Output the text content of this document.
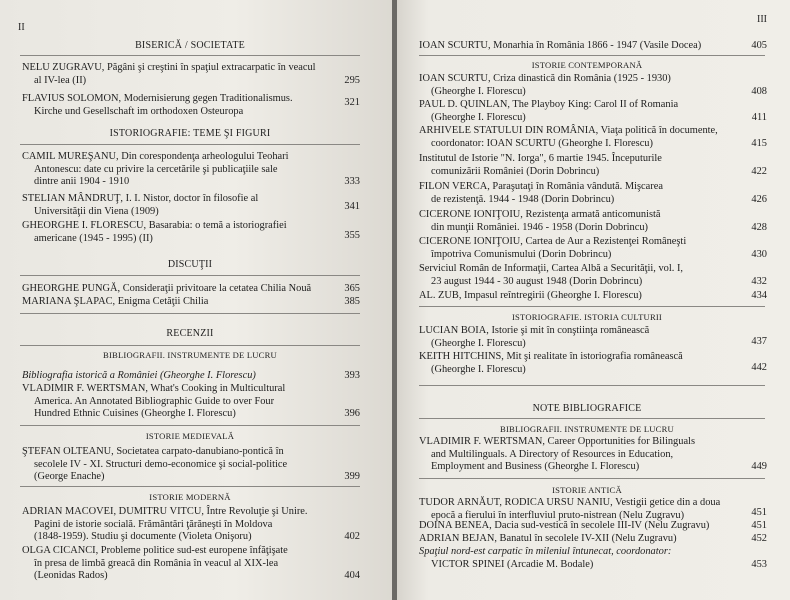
II
BISERICĂ / SOCIETATE
NELU ZUGRAVU, Păgâni şi creştini în spaţiul extracarpatic în veacul
al IV-lea (II)	295
FLAVIUS SOLOMON, Modernisierung gegen Traditionalismus.
Kirche und Gesellschaft im orthodoxen Osteuropa
321
ISTORIOGRAFIE: TEME ŞI FIGURI
CAMIL MUREŞANU, Din corespondenţa arheologului Teohari
Antonescu: date cu privire la cercetările şi publicaţiile sale
dintre anii 1904 - 1910	333
STELIAN MÂNDRUŢ, I. I. Nistor, doctor în filosofie al
Universităţii din Viena (1909)	341
GHEORGHE I. FLORESCU, Basarabia: o temă a istoriografiei
americane (1945 - 1995) (II)	355
DISCUŢII
GHEORGHE PUNGĂ, Consideraţii privitoare la cetatea Chilia Nouă	365
MARIANA ŞLAPAC, Enigma Cetăţii Chilia	385
RECENZII
BIBLIOGRAFII. INSTRUMENTE DE LUCRU
Bibliografia istorică a României (Gheorghe I. Florescu)	393
VLADIMIR F. WERTSMAN, What's Cooking in Multicultural
America. An Annotated Bibliographic Guide to over Four
Hundred Ethnic Cuisines (Gheorghe I. Florescu)	396
ISTORIE MEDIEVALĂ
ŞTEFAN OLTEANU, Societatea carpato-danubiano-pontică în
secolele IV - XI. Structuri demo-economice şi social-politice
(George Enache)	399
ISTORIE MODERNĂ
ADRIAN MACOVEI, DUMITRU VITCU, Între Revoluţie şi Unire.
Pagini de istorie socială. Frământări ţărăneşti în Moldova
(1848-1959). Studiu şi documente (Violeta Onişoru)	402
OLGA CICANCI, Probleme politice sud-est europene înfăţişate
în presa de limbă greacă din România în veacul al XIX-lea
(Leonidas Rados)	404
III
IOAN SCURTU, Monarhia în România 1866 - 1947 (Vasile Docea)	405
ISTORIE CONTEMPORANĂ
IOAN SCURTU, Criza dinastică din România (1925 - 1930)
(Gheorghe I. Florescu)	408
PAUL D. QUINLAN, The Playboy King: Carol II of Romania
(Gheorghe I. Florescu)	411
ARHIVELE STATULUI DIN ROMÂNIA, Viaţa politică în documente,
coordonator: IOAN SCURTU (Gheorghe I. Florescu)	415
Institutul de Istorie "N. Iorga", 6 martie 1945. Începuturile
comunizării României (Dorin Dobrincu)	422
FILON VERCA, Paraşutaţi în România vândută. Mişcarea
de rezistenţă. 1944 - 1948 (Dorin Dobrincu)	426
CICERONE IONIŢOIU, Rezistenţa armată anticomunistă
din munţii României. 1946 - 1958 (Dorin Dobrincu)	428
CICERONE IONIŢOIU, Cartea de Aur a Rezistenţei Româneşti
împotriva Comunismului (Dorin Dobrincu)	430
Serviciul Român de Informaţii, Cartea Albă a Securităţii, vol. I,
23 august 1944 - 30 august 1948 (Dorin Dobrincu)	432
AL. ZUB, Impasul reîntregirii (Gheorghe I. Florescu)	434
ISTORIOGRAFIE. ISTORIA CULTURII
LUCIAN BOIA, Istorie şi mit în conştiinţa românească
(Gheorghe I. Florescu)	437
KEITH HITCHINS, Mit şi realitate în istoriografia românească
(Gheorghe I. Florescu)	442
NOTE BIBLIOGRAFICE
BIBLIOGRAFII. INSTRUMENTE DE LUCRU
VLADIMIR F. WERTSMAN, Career Opportunities for Bilinguals
and Multilinguals. A Directory of Resources in Education,
Employment and Business (Gheorghe I. Florescu)	449
ISTORIE ANTICĂ
TUDOR ARNĂUT, RODICA URSU NANIU, Vestigii getice din a doua
epocă a fierului în interfluviul pruto-nistrean (Nelu Zugravu)	451
DOINA BENEA, Dacia sud-vestică în secolele III-IV (Nelu Zugravu)	451
ADRIAN BEJAN, Banatul în secolele IV-XII (Nelu Zugravu)	452
Spaţiul nord-est carpatic în mileniul întunecat, coordonator:
VICTOR SPINEI (Arcadie M. Bodale)	453
